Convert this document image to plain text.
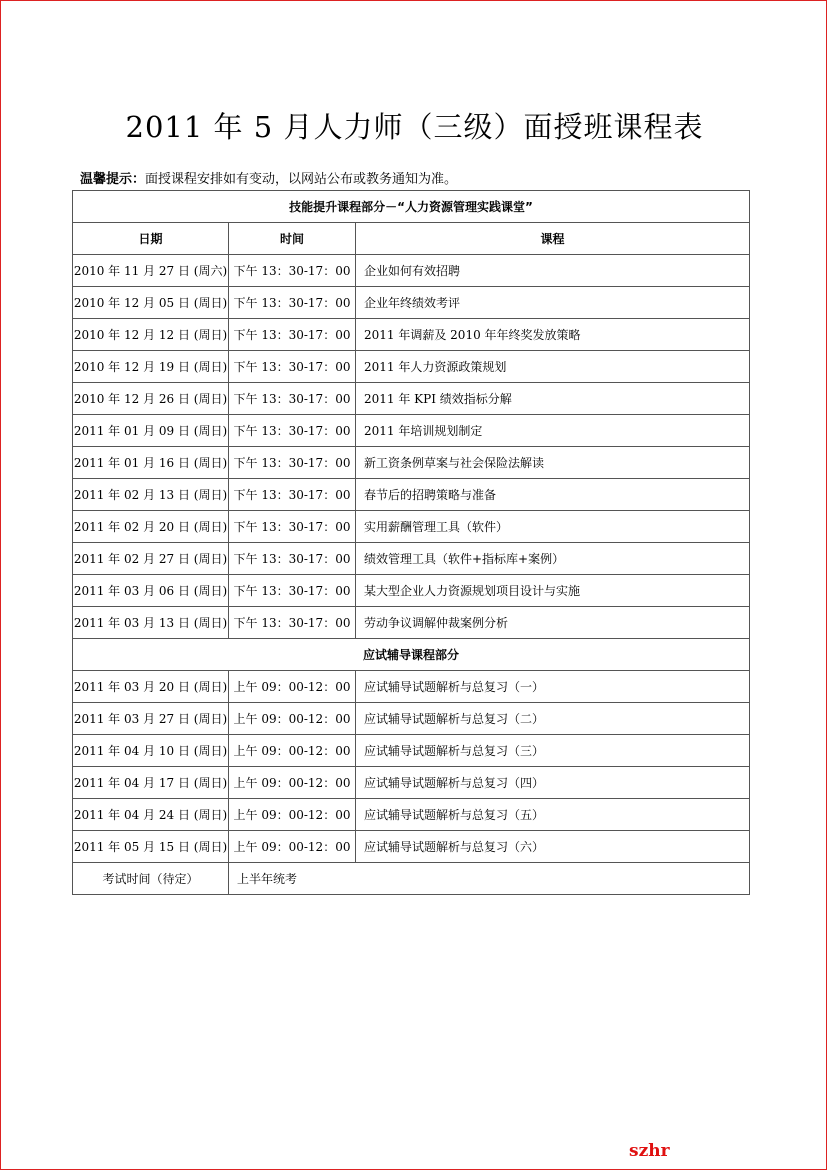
2011 年 5 月人力师（三级）面授班课程表
温馨提示：面授课程安排如有变动，以网站公布或教务通知为准。
技能提升课程部分－“人力资源管理实践课堂”		
日期	时间	课程
2010 年 11 月 27 日 (周六)	下午 13：30-17：00	企业如何有效招聘
2010 年 12 月 05 日 (周日)	下午 13：30-17：00	企业年终绩效考评
2010 年 12 月 12 日 (周日)	下午 13：30-17：00	2011 年调薪及 2010 年年终奖发放策略
2010 年 12 月 19 日 (周日)	下午 13：30-17：00	2011 年人力资源政策规划
2010 年 12 月 26 日 (周日)	下午 13：30-17：00	2011 年 KPI 绩效指标分解
2011 年 01 月 09 日 (周日)	下午 13：30-17：00	2011 年培训规划制定
2011 年 01 月 16 日 (周日)	下午 13：30-17：00	新工资条例草案与社会保险法解读
2011 年 02 月 13 日 (周日)	下午 13：30-17：00	春节后的招聘策略与准备
2011 年 02 月 20 日 (周日)	下午 13：30-17：00	实用薪酬管理工具（软件）
2011 年 02 月 27 日 (周日)	下午 13：30-17：00	绩效管理工具（软件+指标库+案例）
2011 年 03 月 06 日 (周日)	下午 13：30-17：00	某大型企业人力资源规划项目设计与实施
2011 年 03 月 13 日 (周日)	下午 13：30-17：00	劳动争议调解仲裁案例分析
应试辅导课程部分		
2011 年 03 月 20 日 (周日)	上午 09：00-12：00	应试辅导试题解析与总复习（一）
2011 年 03 月 27 日 (周日)	上午 09：00-12：00	应试辅导试题解析与总复习（二）
2011 年 04 月 10 日 (周日)	上午 09：00-12：00	应试辅导试题解析与总复习（三）
2011 年 04 月 17 日 (周日)	上午 09：00-12：00	应试辅导试题解析与总复习（四）
2011 年 04 月 24 日 (周日)	上午 09：00-12：00	应试辅导试题解析与总复习（五）
2011 年 05 月 15 日 (周日)	上午 09：00-12：00	应试辅导试题解析与总复习（六）
考试时间（待定）	上半年统考	
szhr
